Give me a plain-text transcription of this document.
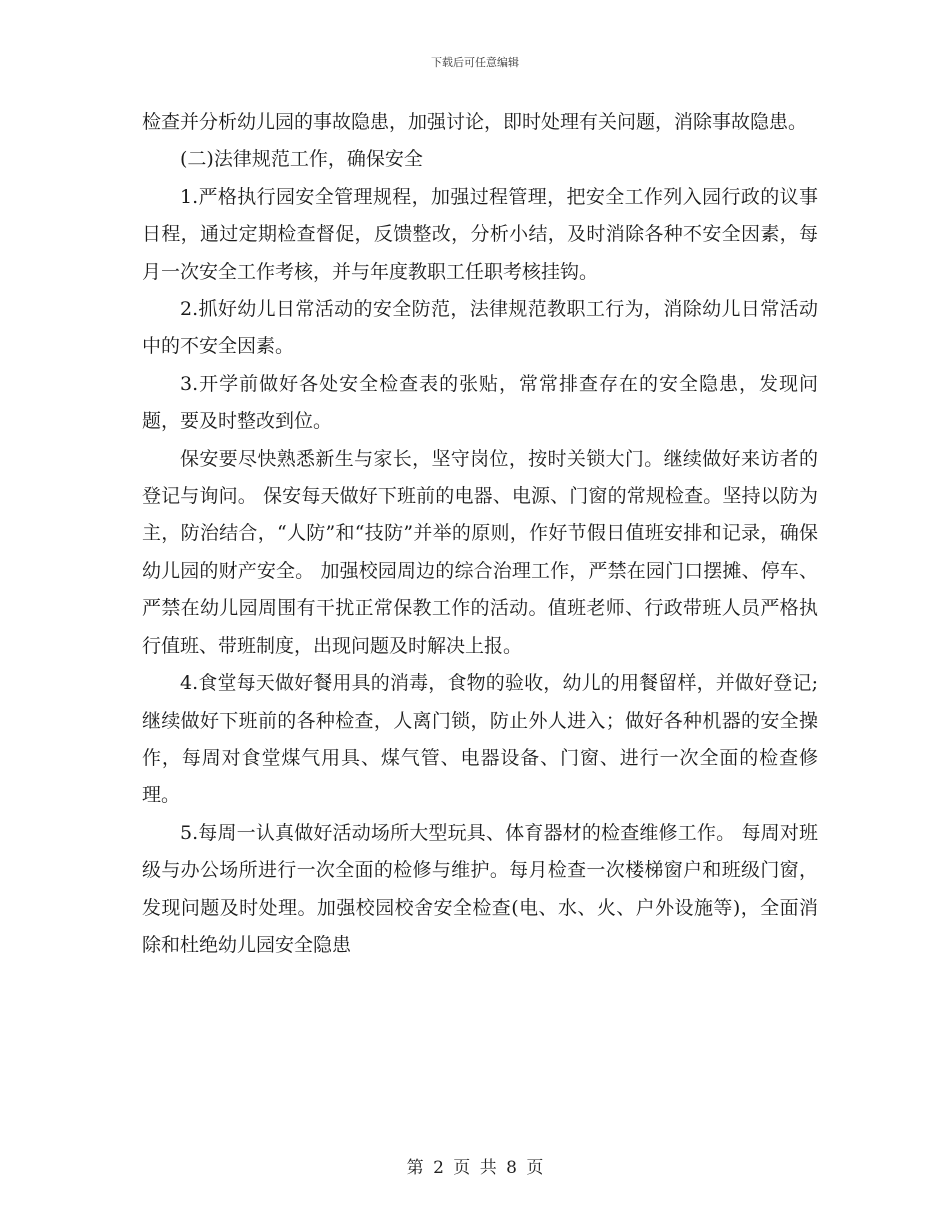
下载后可任意编辑

检查并分析幼儿园的事故隐患，加强讨论，即时处理有关问题，消除事故隐患。

(二)法律规范工作，确保安全

1.严格执行园安全管理规程，加强过程管理，把安全工作列入园行政的议事日程，通过定期检查督促，反馈整改，分析小结，及时消除各种不安全因素，每月一次安全工作考核，并与年度教职工任职考核挂钩。

2.抓好幼儿日常活动的安全防范，法律规范教职工行为，消除幼儿日常活动中的不安全因素。

3.开学前做好各处安全检查表的张贴，常常排查存在的安全隐患，发现问题，要及时整改到位。

保安要尽快熟悉新生与家长，坚守岗位，按时关锁大门。继续做好来访者的登记与询问。 保安每天做好下班前的电器、电源、门窗的常规检查。坚持以防为主，防治结合，“人防”和“技防”并举的原则，作好节假日值班安排和记录，确保幼儿园的财产安全。 加强校园周边的综合治理工作，严禁在园门口摆摊、停车、严禁在幼儿园周围有干扰正常保教工作的活动。值班老师、行政带班人员严格执行值班、带班制度，出现问题及时解决上报。

4.食堂每天做好餐用具的消毒，食物的验收，幼儿的用餐留样，并做好登记;继续做好下班前的各种检查，人离门锁，防止外人进入；做好各种机器的安全操作，每周对食堂煤气用具、煤气管、电器设备、门窗、进行一次全面的检查修理。

5.每周一认真做好活动场所大型玩具、体育器材的检查维修工作。 每周对班级与办公场所进行一次全面的检修与维护。每月检查一次楼梯窗户和班级门窗，发现问题及时处理。加强校园校舍安全检查(电、水、火、户外设施等)，全面消除和杜绝幼儿园安全隐患

第 2 页 共 8 页
